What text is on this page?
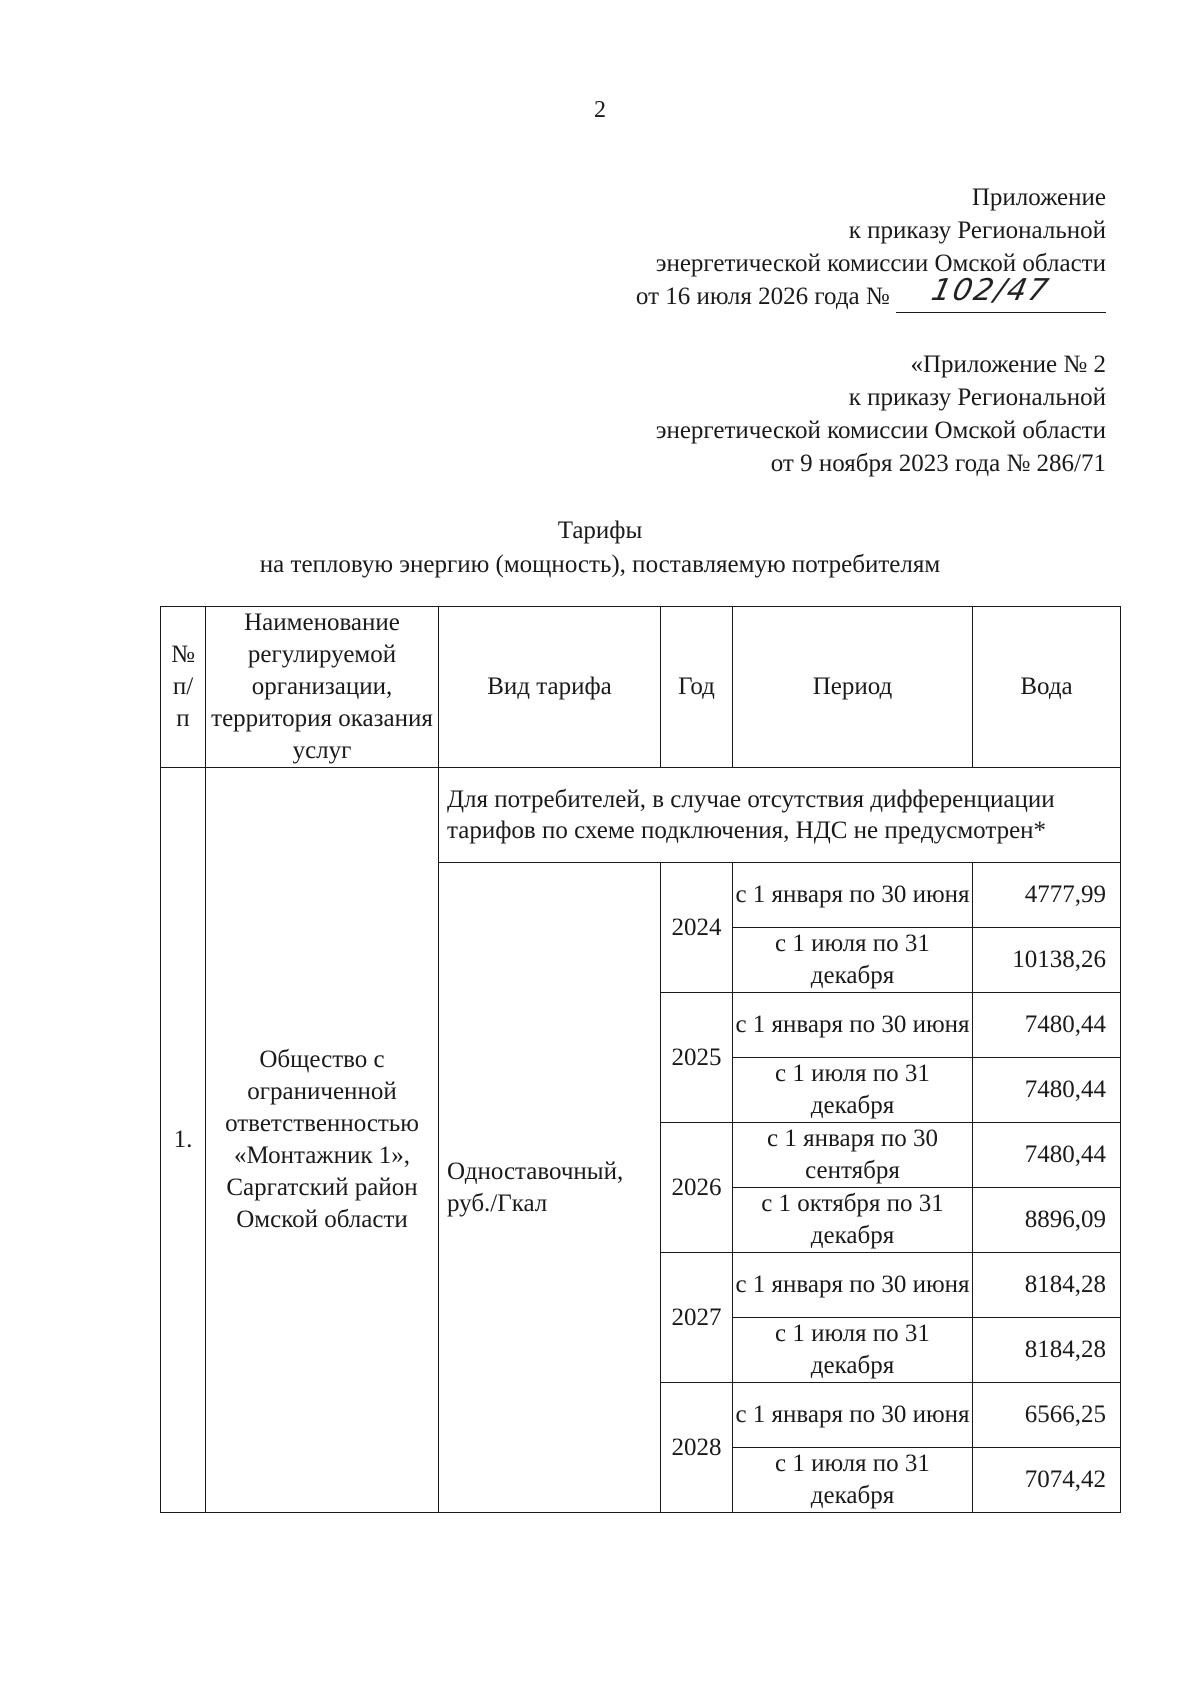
2
Приложение
к приказу Региональной
энергетической комиссии Омской области
от 16 июля 2026 года № 102/47
«Приложение № 2
к приказу Региональной
энергетической комиссии Омской области
от 9 ноября 2023 года № 286/71
Тарифы
на тепловую энергию (мощность), поставляемую потребителям
№ п/ п	Наименование регулируемой организации, территория оказания услуг	Вид тарифа	Год	Период	Вода
1.	Общество с ограниченной ответственностью «Монтажник 1», Саргатский район Омской области	Для потребителей, в случае отсутствия дифференциации тарифов по схеме подключения, НДС не предусмотрен*			
		Одноставочный, руб./Гкал	2024	с 1 января по 30 июня	4777,99
				с 1 июля по 31 декабря	10138,26
			2025	с 1 января по 30 июня	7480,44
				с 1 июля по 31 декабря	7480,44
			2026	с 1 января по 30 сентября	7480,44
				с 1 октября по 31 декабря	8896,09
			2027	с 1 января по 30 июня	8184,28
				с 1 июля по 31 декабря	8184,28
			2028	с 1 января по 30 июня	6566,25
				с 1 июля по 31 декабря	7074,42
